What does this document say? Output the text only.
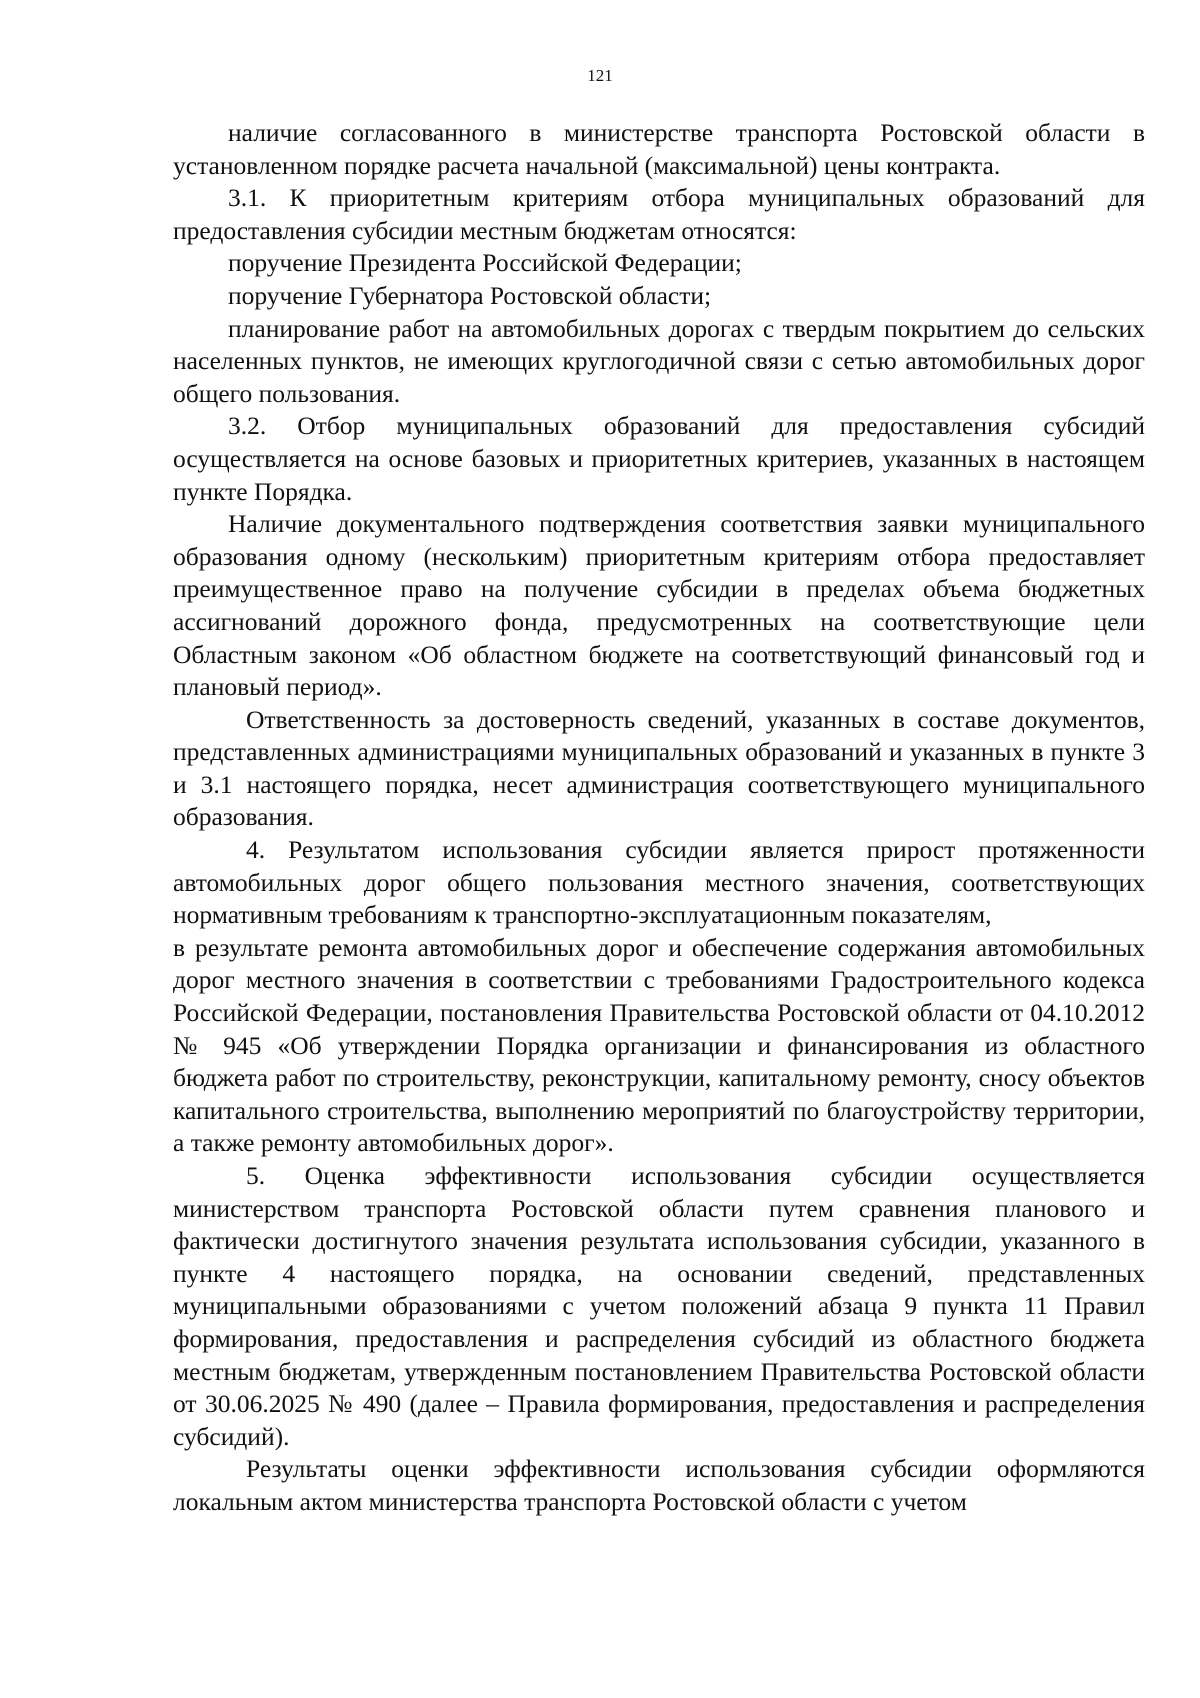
121

наличие согласованного в министерстве транспорта Ростовской области в установленном порядке расчета начальной (максимальной) цены контракта.

3.1. К приоритетным критериям отбора муниципальных образований для предоставления субсидии местным бюджетам относятся:

поручение Президента Российской Федерации;

поручение Губернатора Ростовской области;

планирование работ на автомобильных дорогах с твердым покрытием до сельских населенных пунктов, не имеющих круглогодичной связи с сетью автомобильных дорог общего пользования.

3.2. Отбор муниципальных образований для предоставления субсидий осуществляется на основе базовых и приоритетных критериев, указанных в настоящем пункте Порядка.

Наличие документального подтверждения соответствия заявки муниципального образования одному (нескольким) приоритетным критериям отбора предоставляет преимущественное право на получение субсидии в пределах объема бюджетных ассигнований дорожного фонда, предусмотренных на соответствующие цели Областным законом «Об областном бюджете на соответствующий финансовый год и плановый период».

Ответственность за достоверность сведений, указанных в составе документов, представленных администрациями муниципальных образований и указанных в пункте 3 и 3.1 настоящего порядка, несет администрация соответствующего муниципального образования.

4. Результатом использования субсидии является прирост протяженности автомобильных дорог общего пользования местного значения, соответствующих нормативным требованиям к транспортно-эксплуатационным показателям,

в результате ремонта автомобильных дорог и обеспечение содержания автомобильных дорог местного значения в соответствии с требованиями Градостроительного кодекса Российской Федерации, постановления Правительства Ростовской области от 04.10.2012 № 945 «Об утверждении Порядка организации и финансирования из областного бюджета работ по строительству, реконструкции, капитальному ремонту, сносу объектов капитального строительства, выполнению мероприятий по благоустройству территории, а также ремонту автомобильных дорог».

5. Оценка эффективности использования субсидии осуществляется министерством транспорта Ростовской области путем сравнения планового и фактически достигнутого значения результата использования субсидии, указанного в пункте 4 настоящего порядка, на основании сведений, представленных муниципальными образованиями с учетом положений абзаца 9 пункта 11 Правил формирования, предоставления и распределения субсидий из областного бюджета местным бюджетам, утвержденным постановлением Правительства Ростовской области от 30.06.2025 № 490 (далее – Правила формирования, предоставления и распределения субсидий).

Результаты оценки эффективности использования субсидии оформляются локальным актом министерства транспорта Ростовской области с учетом
